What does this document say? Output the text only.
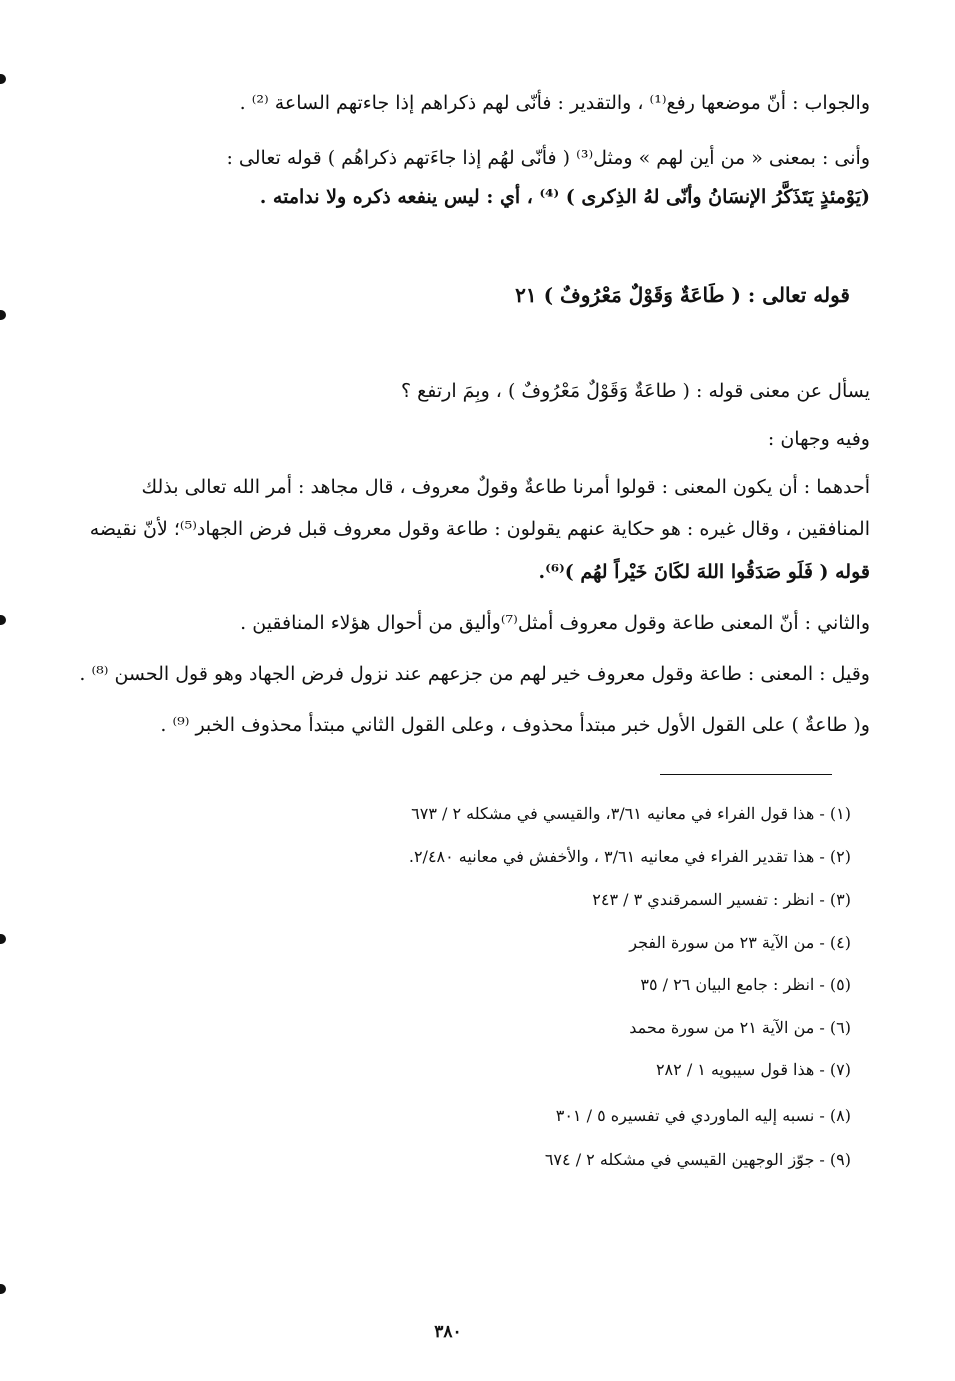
والجواب : أنّ موضعها رفع⁽¹⁾ ، والتقدير : فأنّى لهم ذكراهم إذا جاءتهم الساعة ⁽²⁾ .
وأنى : بمعنى « من أين لهم » ومثل⁽³⁾ ( فأنّى لهُم إذا جاءَتهم ذكراهُم ) قوله تعالى :
(يَوْمئذٍ يَتَذَكَّرُ الإنسَانُ وأنّى لهُ الذِكرى ) ⁽⁴⁾ ، أي : ليس ينفعه ذكره ولا ندامته .
قوله تعالى : ( طَاعَةٌ وَقَوْلٌ مَعْرُوفٌ ) ٢١
يسأل عن معنى قوله : ( طاعَةٌ وَقَوْلٌ مَعْرُوفٌ ) ، وبِمَ ارتفع ؟
وفيه وجهان :
أحدهما : أن يكون المعنى : قولوا أمرنا طاعةٌ وقولٌ معروف ، قال مجاهد : أمر الله تعالى بذلك
المنافقين ، وقال غيره : هو حكاية عنهم يقولون : طاعة وقول معروف قبل فرض الجهاد⁽⁵⁾؛ لأنّ نقيضه
قوله ( فَلَو صَدَقُوا اللهَ لكَانَ خَيْراً لهُم )⁽⁶⁾.
والثاني : أنّ المعنى طاعة وقول معروف أمثل⁽⁷⁾وأليق من أحوال هؤلاء المنافقين .
وقيل : المعنى : طاعة وقول معروف خير لهم من جزعهم عند نزول فرض الجهاد وهو قول الحسن ⁽⁸⁾ .
و( طاعةٌ ) على القول الأول خبر مبتدأ محذوف ، وعلى القول الثاني مبتدأ محذوف الخبر ⁽⁹⁾ .
(١) - هذا قول الفراء في معانيه ٣/٦١، والقيسي في مشكله ٢ / ٦٧٣
(٢) - هذا تقدير الفراء في معانيه ٣/٦١ ، والأخفش في معانيه ٢/٤٨٠.
(٣) - انظر : تفسير السمرقندي ٣ / ٢٤٣
(٤) - من الآية ٢٣ من سورة الفجر
(٥) - انظر : جامع البيان ٢٦ / ٣٥
(٦) - من الآية ٢١ من سورة محمد
(٧) - هذا قول سيبويه ١ / ٢٨٢
(٨) - نسبه إليه الماوردي في تفسيره ٥ / ٣٠١
(٩) - جوّز الوجهين القيسي في مشكله ٢ / ٦٧٤
٣٨٠
